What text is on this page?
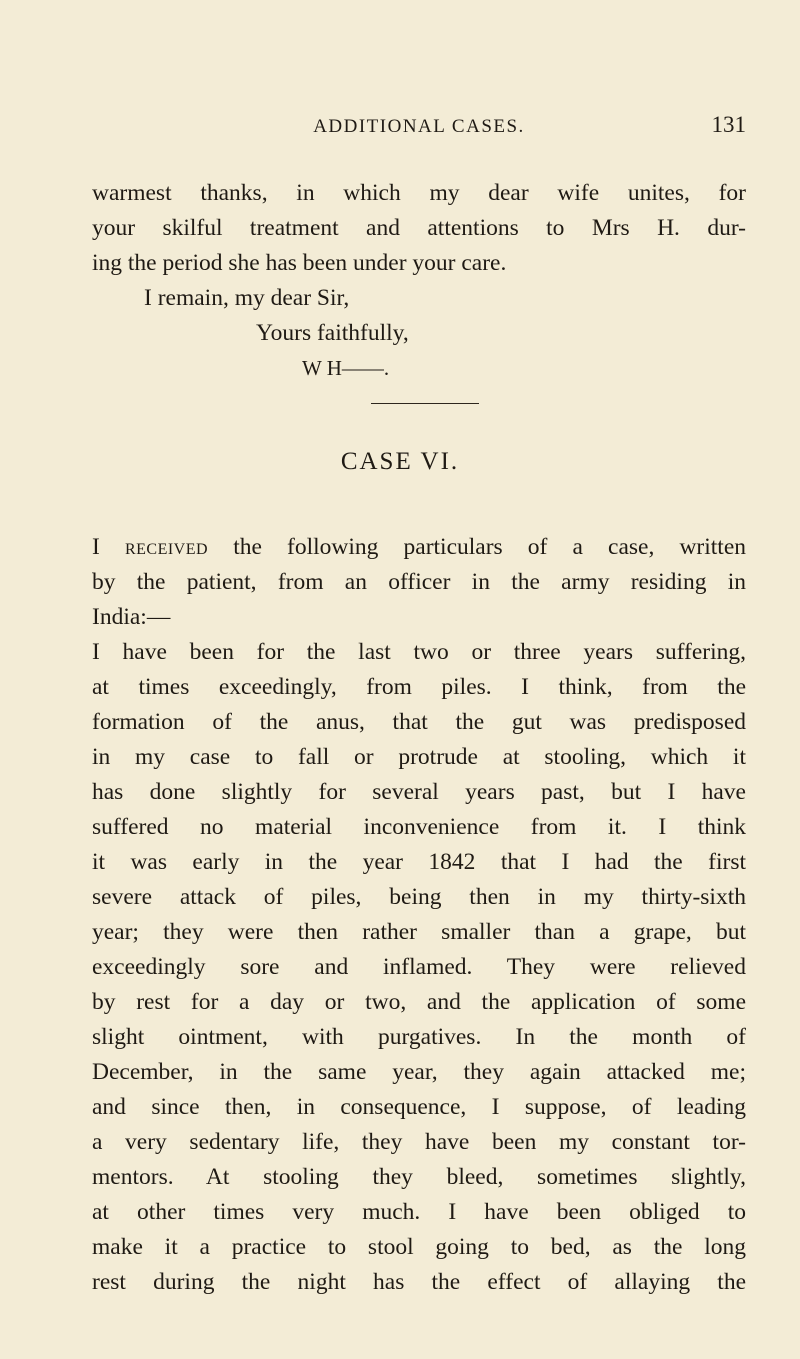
ADDITIONAL CASES.	131
warmest thanks, in which my dear wife unites, for
your skilful treatment and attentions to Mrs H. dur-
ing the period she has been under your care.
I remain, my dear Sir,
Yours faithfully,
W H——.
CASE VI.
I received the following particulars of a case, written
by the patient, from an officer in the army residing in
India:—
I have been for the last two or three years suffering,
at times exceedingly, from piles. I think, from the
formation of the anus, that the gut was predisposed
in my case to fall or protrude at stooling, which it
has done slightly for several years past, but I have
suffered no material inconvenience from it. I think
it was early in the year 1842 that I had the first
severe attack of piles, being then in my thirty-sixth
year; they were then rather smaller than a grape, but
exceedingly sore and inflamed. They were relieved
by rest for a day or two, and the application of some
slight ointment, with purgatives. In the month of
December, in the same year, they again attacked me;
and since then, in consequence, I suppose, of leading
a very sedentary life, they have been my constant tor-
mentors. At stooling they bleed, sometimes slightly,
at other times very much. I have been obliged to
make it a practice to stool going to bed, as the long
rest during the night has the effect of allaying the
